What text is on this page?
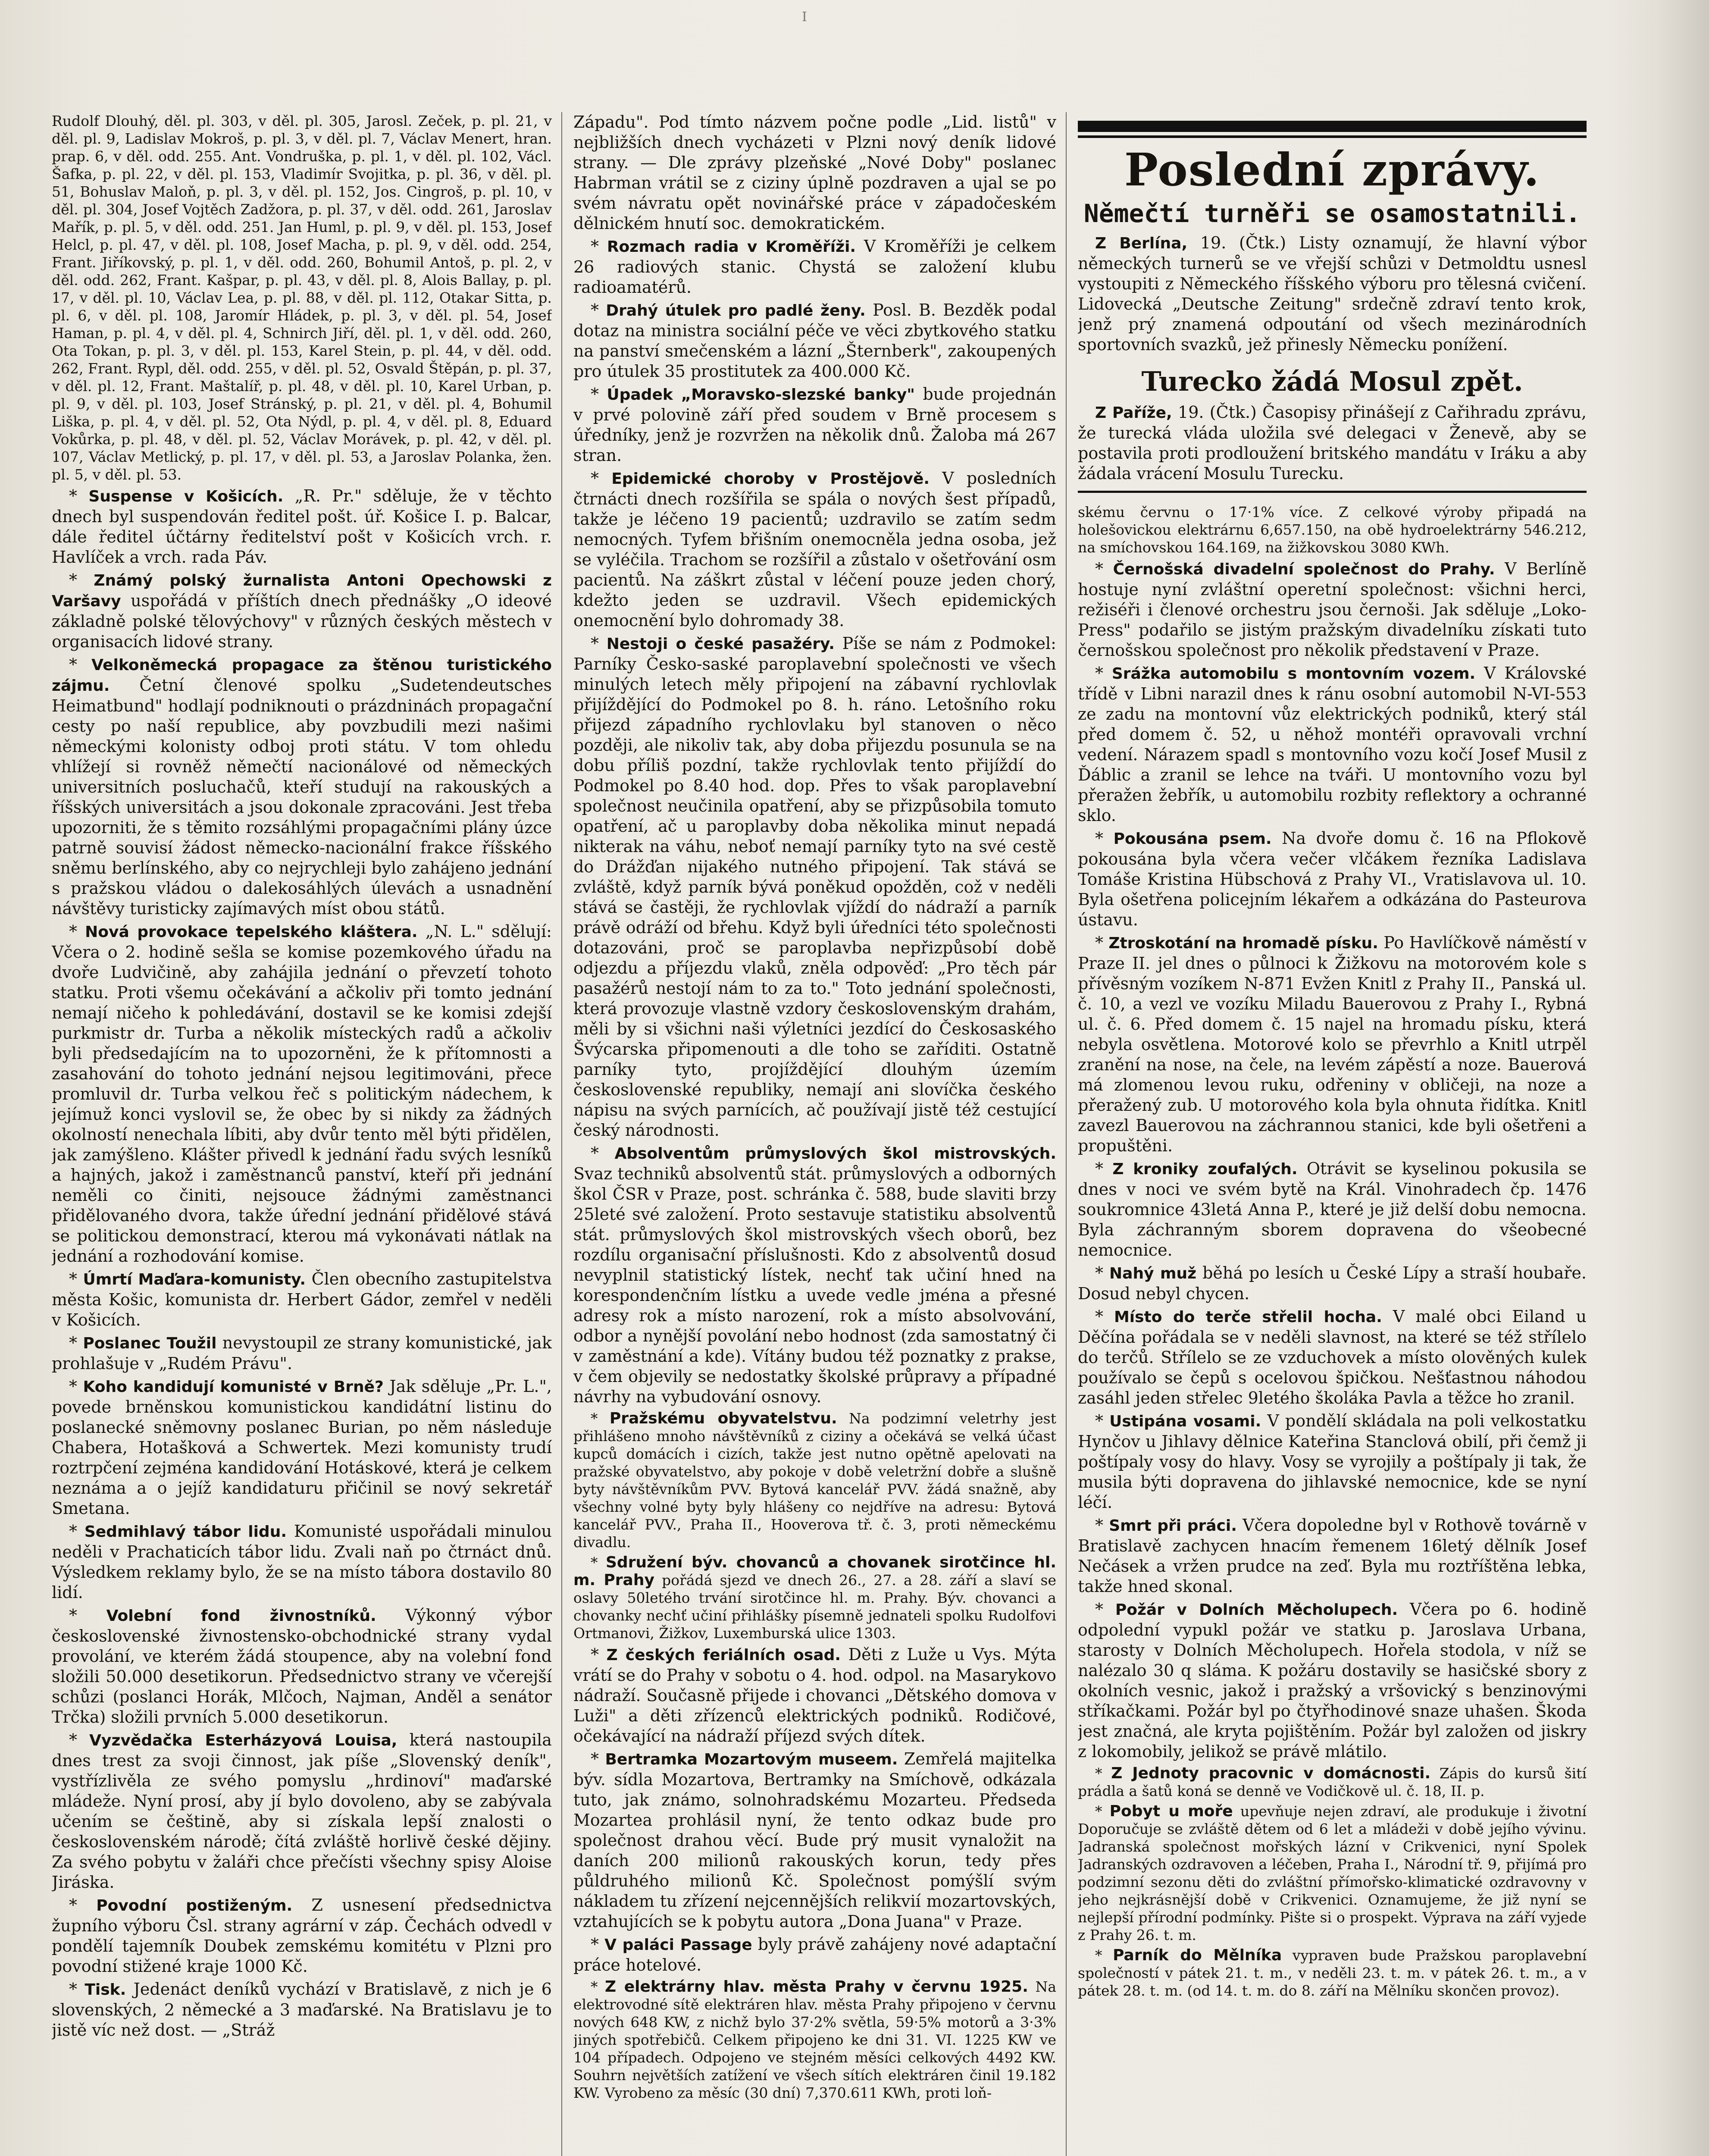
Ⅰ

Rudolf Dlouhý, děl. pl. 303, v děl. pl. 305, Jarosl. Zeček, p. pl. 21, v děl. pl. 9, Ladislav Mokroš, p. pl. 3, v děl. pl. 7, Václav Menert, hran. prap. 6, v děl. odd. 255. Ant. Vondruška, p. pl. 1, v děl. pl. 102, Václ. Šafka, p. pl. 22, v děl. pl. 153, Vladimír Svojitka, p. pl. 36, v děl. pl. 51, Bohuslav Maloň, p. pl. 3, v děl. pl. 152, Jos. Cingroš, p. pl. 10, v děl. pl. 304, Josef Vojtěch Zadžora, p. pl. 37, v děl. odd. 261, Jaroslav Mařík, p. pl. 5, v děl. odd. 251. Jan Huml, p. pl. 9, v děl. pl. 153, Josef Helcl, p. pl. 47, v děl. pl. 108, Josef Macha, p. pl. 9, v děl. odd. 254, Frant. Jiříkovský, p. pl. 1, v děl. odd. 260, Bohumil Antoš, p. pl. 2, v děl. odd. 262, Frant. Kašpar, p. pl. 43, v děl. pl. 8, Alois Ballay, p. pl. 17, v děl. pl. 10, Václav Lea, p. pl. 88, v děl. pl. 112, Otakar Sitta, p. pl. 6, v děl. pl. 108, Jaromír Hládek, p. pl. 3, v děl. pl. 54, Josef Haman, p. pl. 4, v děl. pl. 4, Schnirch Jiří, děl. pl. 1, v děl. odd. 260, Ota Tokan, p. pl. 3, v děl. pl. 153, Karel Stein, p. pl. 44, v děl. odd. 262, Frant. Rypl, děl. odd. 255, v děl. pl. 52, Osvald Štěpán, p. pl. 37, v děl. pl. 12, Frant. Maštalíř, p. pl. 48, v děl. pl. 10, Karel Urban, p. pl. 9, v děl. pl. 103, Josef Stránský, p. pl. 21, v děl. pl. 4, Bohumil Liška, p. pl. 4, v děl. pl. 52, Ota Nýdl, p. pl. 4, v děl. pl. 8, Eduard Vokůrka, p. pl. 48, v děl. pl. 52, Václav Morávek, p. pl. 42, v děl. pl. 107, Václav Metlický, p. pl. 17, v děl. pl. 53, a Jaroslav Polanka, žen. pl. 5, v děl. pl. 53.

* Suspense v Košicích. „R. Pr." sděluje, že v těchto dnech byl suspendován ředitel pošt. úř. Košice I. p. Balcar, dále ředitel účtárny ředitelství pošt v Košicích vrch. r. Havlíček a vrch. rada Páv.

* Známý polský žurnalista Antoni Opechowski z Varšavy uspořádá v příštích dnech přednášky „O ideové základně polské tělovýchovy" v různých českých městech v organisacích lidové strany.

* Velkoněmecká propagace za štěnou turistického zájmu. Četní členové spolku „Sudetendeutsches Heimatbund" hodlají podniknouti o prázdninách propagační cesty po naší republice, aby povzbudili mezi našimi německými kolonisty odboj proti státu. V tom ohledu vhlížejí si rovněž němečtí nacionálové od německých universitních posluchačů, kteří studují na rakouských a říšských universitách a jsou dokonale zpracováni. Jest třeba upozorniti, že s těmito rozsáhlými propagačními plány úzce patrně souvisí žádost německo-nacionální frakce říšského sněmu berlínského, aby co nejrychleji bylo zahájeno jednání s pražskou vládou o dalekosáhlých úlevách a usnadnění návštěvy turisticky zajímavých míst obou států.

* Nová provokace tepelského kláštera. „N. L." sdělují: Včera o 2. hodině sešla se komise pozemkového úřadu na dvoře Ludvičině, aby zahájila jednání o převzetí tohoto statku. Proti všemu očekávání a ačkoliv při tomto jednání nemají ničeho k pohledávání, dostavil se ke komisi zdejší purkmistr dr. Turba a několik místeckých radů a ačkoliv byli předsedajícím na to upozorněni, že k přítomnosti a zasahování do tohoto jednání nejsou legitimováni, přece promluvil dr. Turba velkou řeč s politickým nádechem, k jejímuž konci vyslovil se, že obec by si nikdy za žádných okolností nenechala líbiti, aby dvůr tento měl býti přidělen, jak zamýšleno. Klášter přivedl k jednání řadu svých lesníků a hajných, jakož i zaměstnanců panství, kteří při jednání neměli co činiti, nejsouce žádnými zaměstnanci přidělovaného dvora, takže úřední jednání přidělové stává se politickou demonstrací, kterou má vykonávati nátlak na jednání a rozhodování komise.

* Úmrtí Maďara-komunisty. Člen obecního zastupitelstva města Košic, komunista dr. Herbert Gádor, zemřel v neděli v Košicích.

* Poslanec Toužil nevystoupil ze strany komunistické, jak prohlašuje v „Rudém Právu".

* Koho kandidují komunisté v Brně? Jak sděluje „Pr. L.", povede brněnskou komunistickou kandidátní listinu do poslanecké sněmovny poslanec Burian, po něm následuje Chabera, Hotašková a Schwertek. Mezi komunisty trudí roztrpčení zejména kandidování Hotáskové, která je celkem neznáma a o jejíž kandidaturu přičinil se nový sekretář Smetana.

* Sedmihlavý tábor lidu. Komunisté uspořádali minulou neděli v Prachaticích tábor lidu. Zvali naň po čtrnáct dnů. Výsledkem reklamy bylo, že se na místo tábora dostavilo 80 lidí.

* Volební fond živnostníků. Výkonný výbor československé živnostensko-obchodnické strany vydal provolání, ve kterém žádá stoupence, aby na volební fond složili 50.000 desetikorun. Předsednictvo strany ve včerejší schůzi (poslanci Horák, Mlčoch, Najman, Anděl a senátor Trčka) složili prvních 5.000 desetikorun.

* Vyzvědačka Esterházyová Louisa, která nastoupila dnes trest za svoji činnost, jak píše „Slovenský deník", vystřízlivěla ze svého pomyslu „hrdinoví" maďarské mládeže. Nyní prosí, aby jí bylo dovoleno, aby se zabývala učením se češtině, aby si získala lepší znalosti o československém národě; čítá zvláště horlivě české dějiny. Za svého pobytu v žaláři chce přečísti všechny spisy Aloise Jiráska.

* Povodní postiženým. Z usnesení předsednictva župního výboru Čsl. strany agrární v záp. Čechách odvedl v pondělí tajemník Doubek zemskému komitétu v Plzni pro povodní stižené kraje 1000 Kč.

* Tisk. Jedenáct deníků vychází v Bratislavě, z nich je 6 slovenských, 2 německé a 3 maďarské. Na Bratislavu je to jistě víc než dost. — „Stráž

Západu". Pod tímto názvem počne podle „Lid. listů" v nejbližších dnech vycházeti v Plzni nový deník lidové strany. — Dle zprávy plzeňské „Nové Doby" poslanec Habrman vrátil se z ciziny úplně pozdraven a ujal se po svém návratu opět novinářské práce v západočeském dělnickém hnutí soc. demokratickém.

* Rozmach radia v Kroměříži. V Kroměříži je celkem 26 radiových stanic. Chystá se založení klubu radioamatérů.

* Drahý útulek pro padlé ženy. Posl. B. Bezděk podal dotaz na ministra sociální péče ve věci zbytkového statku na panství smečenském a lázní „Šternberk", zakoupených pro útulek 35 prostitutek za 400.000 Kč.

* Úpadek „Moravsko-slezské banky" bude projednán v prvé polovině září před soudem v Brně procesem s úředníky, jenž je rozvržen na několik dnů. Žaloba má 267 stran.

* Epidemické choroby v Prostějově. V posledních čtrnácti dnech rozšířila se spála o nových šest případů, takže je léčeno 19 pacientů; uzdravilo se zatím sedm nemocných. Tyfem břišním onemocněla jedna osoba, jež se vyléčila. Trachom se rozšířil a zůstalo v ošetřování osm pacientů. Na záškrt zůstal v léčení pouze jeden chorý, kdežto jeden se uzdravil. Všech epidemických onemocnění bylo dohromady 38.

* Nestoji o české pasažéry. Píše se nám z Podmokel: Parníky Česko-saské paroplavební společnosti ve všech minulých letech měly připojení na zábavní rychlovlak přijíždějící do Podmokel po 8. h. ráno. Letošního roku přijezd západního rychlovlaku byl stanoven o něco později, ale nikoliv tak, aby doba přijezdu posunula se na dobu příliš pozdní, takže rychlovlak tento přijíždí do Podmokel po 8.40 hod. dop. Přes to však paroplavební společnost neučinila opatření, aby se přizpůsobila tomuto opatření, ač u paroplavby doba několika minut nepadá nikterak na váhu, neboť nemají parníky tyto na své cestě do Drážďan nijakého nutného připojení. Tak stává se zvláště, když parník bývá poněkud opožděn, což v neděli stává se častěji, že rychlovlak vjíždí do nádraží a parník právě odráží od břehu. Když byli úředníci této společnosti dotazováni, proč se paroplavba nepřizpůsobí době odjezdu a příjezdu vlaků, zněla odpověď: „Pro těch pár pasažérů nestojí nám to za to." Toto jednání společnosti, která provozuje vlastně vzdory československým drahám, měli by si všichni naši výletníci jezdící do Českosaského Švýcarska připomenouti a dle toho se zaříditi. Ostatně parníky tyto, projíždějící dlouhým územím československé republiky, nemají ani slovíčka českého nápisu na svých parnících, ač používají jistě též cestující český národnosti.

* Absolventům průmyslových škol mistrovských. Svaz techniků absolventů stát. průmyslových a odborných škol ČSR v Praze, post. schránka č. 588, bude slaviti brzy 25leté své založení. Proto sestavuje statistiku absolventů stát. průmyslových škol mistrovských všech oborů, bez rozdílu organisační příslušnosti. Kdo z absolventů dosud nevyplnil statistický lístek, nechť tak učiní hned na korespondenčním lístku a uvede vedle jména a přesné adresy rok a místo narození, rok a místo absolvování, odbor a nynější povolání nebo hodnost (zda samostatný či v zaměstnání a kde). Vítány budou též poznatky z prakse, v čem objevily se nedostatky školské průpravy a případné návrhy na vybudování osnovy.

* Pražskému obyvatelstvu. Na podzimní veletrhy jest přihlášeno mnoho návštěvníků z ciziny a očekává se velká účast kupců domácích i cizích, takže jest nutno opětně apelovati na pražské obyvatelstvo, aby pokoje v době veletržní dobře a slušně byty návštěvníkům PVV. Bytová kancelář PVV. žádá snažně, aby všechny volné byty byly hlášeny co nejdříve na adresu: Bytová kancelář PVV., Praha II., Hooverova tř. č. 3, proti německému divadlu.

* Sdružení býv. chovanců a chovanek sirotčince hl. m. Prahy pořádá sjezd ve dnech 26., 27. a 28. září a slaví se oslavy 50letého trvání sirotčince hl. m. Prahy. Býv. chovanci a chovanky nechť učiní přihlášky písemně jednateli spolku Rudolfovi Ortmanovi, Žižkov, Luxemburská ulice 1303.

* Z českých feriálních osad. Děti z Luže u Vys. Mýta vrátí se do Prahy v sobotu o 4. hod. odpol. na Masarykovo nádraží. Současně přijede i chovanci „Dětského domova v Luži" a děti zřízenců elektrických podniků. Rodičové, očekávající na nádraží příjezd svých dítek.

* Bertramka Mozartovým museem. Zemřelá majitelka býv. sídla Mozartova, Bertramky na Smíchově, odkázala tuto, jak známo, solnohradskému Mozarteu. Předseda Mozartea prohlásil nyní, že tento odkaz bude pro společnost drahou věcí. Bude prý musit vynaložit na daních 200 milionů rakouských korun, tedy přes půldruhého milionů Kč. Společnost pomýšlí svým nákladem tu zřízení nejcennějších relikvií mozartovských, vztahujících se k pobytu autora „Dona Juana" v Praze.

* V paláci Passage byly právě zahájeny nové adaptační práce hotelové.

* Z elektrárny hlav. města Prahy v červnu 1925. Na elektrovodné sítě elektráren hlav. města Prahy připojeno v červnu nových 648 KW, z nichž bylo 37·2% světla, 59·5% motorů a 3·3% jiných spotřebičů. Celkem připojeno ke dni 31. VI. 1225 KW ve 104 případech. Odpojeno ve stejném měsíci celkových 4492 KW. Souhrn největších zatížení ve všech sítích elektráren činil 19.182 KW. Vyrobeno za měsíc (30 dní) 7,370.611 KWh, proti loň-

Poslední zprávy.
Němečtí turněři se osamostatnili.

Z Berlína, 19. (Čtk.) Listy oznamují, že hlavní výbor německých turnerů se ve vřejší schůzi v Detmoldtu usnesl vystoupiti z Německého říšského výboru pro tělesná cvičení. Lidovecká „Deutsche Zeitung" srdečně zdraví tento krok, jenž prý znamená odpoutání od všech mezinárodních sportovních svazků, jež přinesly Německu ponížení.

Turecko žádá Mosul zpět.

Z Paříže, 19. (Čtk.) Časopisy přinášejí z Cařihradu zprávu, že turecká vláda uložila své delegaci v Ženevě, aby se postavila proti prodloužení britského mandátu v Iráku a aby žádala vrácení Mosulu Turecku.

skému červnu o 17·1% více. Z celkové výroby připadá na holešovickou elektrárnu 6,657.150, na obě hydroelektrárny 546.212, na smíchovskou 164.169, na žižkovskou 3080 KWh.

* Černošská divadelní společnost do Prahy. V Berlíně hostuje nyní zvláštní operetní společnost: všichni herci, režiséři i členové orchestru jsou černoši. Jak sděluje „Loko-Press" podařilo se jistým pražským divadelníku získati tuto černošskou společnost pro několik představení v Praze.

* Srážka automobilu s montovním vozem. V Královské třídě v Libni narazil dnes k ránu osobní automobil N-VI-553 ze zadu na montovní vůz elektrických podniků, který stál před domem č. 52, u něhož montéři opravovali vrchní vedení. Nárazem spadl s montovního vozu kočí Josef Musil z Ďáblic a zranil se lehce na tváři. U montovního vozu byl přeražen žebřík, u automobilu rozbity reflektory a ochranné sklo.

* Pokousána psem. Na dvoře domu č. 16 na Pflokově pokousána byla včera večer vlčákem řezníka Ladislava Tomáše Kristina Hübschová z Prahy VI., Vratislavova ul. 10. Byla ošetřena policejním lékařem a odkázána do Pasteurova ústavu.

* Ztroskotání na hromadě písku. Po Havlíčkově náměstí v Praze II. jel dnes o půlnoci k Žižkovu na motorovém kole s přívěsným vozíkem N-871 Evžen Knitl z Prahy II., Panská ul. č. 10, a vezl ve vozíku Miladu Bauerovou z Prahy I., Rybná ul. č. 6. Před domem č. 15 najel na hromadu písku, která nebyla osvětlena. Motorové kolo se převrhlo a Knitl utrpěl zranění na nose, na čele, na levém zápěstí a noze. Bauerová má zlomenou levou ruku, odřeniny v obličeji, na noze a přeražený zub. U motorového kola byla ohnuta řidítka. Knitl zavezl Bauerovou na záchrannou stanici, kde byli ošetřeni a propuštěni.

* Z kroniky zoufalých. Otrávit se kyselinou pokusila se dnes v noci ve svém bytě na Král. Vinohradech čp. 1476 soukromnice 43letá Anna P., které je již delší dobu nemocna. Byla záchranným sborem dopravena do všeobecné nemocnice.

* Nahý muž běhá po lesích u České Lípy a straší houbaře. Dosud nebyl chycen.

* Místo do terče střelil hocha. V malé obci Eiland u Děčína pořádala se v neděli slavnost, na které se též střílelo do terčů. Střílelo se ze vzduchovek a místo olověných kulek používalo se čepů s ocelovou špičkou. Nešťastnou náhodou zasáhl jeden střelec 9letého školáka Pavla a těžce ho zranil.

* Ustipána vosami. V pondělí skládala na poli velkostatku Hynčov u Jihlavy dělnice Kateřina Stanclová obilí, při čemž ji poštípaly vosy do hlavy. Vosy se vyrojily a poštípaly ji tak, že musila býti dopravena do jihlavské nemocnice, kde se nyní léčí.

* Smrt při práci. Včera dopoledne byl v Rothově továrně v Bratislavě zachycen hnacím řemenem 16letý dělník Josef Nečásek a vržen prudce na zeď. Byla mu roztříštěna lebka, takže hned skonal.

* Požár v Dolních Měcholupech. Včera po 6. hodině odpolední vypukl požár ve statku p. Jaroslava Urbana, starosty v Dolních Měcholupech. Hořela stodola, v níž se nalézalo 30 q sláma. K požáru dostavily se hasičské sbory z okolních vesnic, jakož i pražský a vršovický s benzinovými stříkačkami. Požár byl po čtyřhodinové snaze uhašen. Škoda jest značná, ale kryta pojištěním. Požár byl založen od jiskry z lokomobily, jelikož se právě mlátilo.

* Z Jednoty pracovnic v domácnosti. Zápis do kursů šití prádla a šatů koná se denně ve Vodičkově ul. č. 18, II. p.

* Pobyt u moře upevňuje nejen zdraví, ale produkuje i životní Doporučuje se zvláště dětem od 6 let a mládeži v době jejího vývinu. Jadranská společnost mořských lázní v Crikvenici, nyní Spolek Jadranských ozdravoven a léčeben, Praha I., Národní tř. 9, přijímá pro podzimní sezonu děti do zvláštní přímořsko-klimatické ozdravovny v jeho nejkrásnější době v Crikvenici. Oznamujeme, že již nyní se nejlepší přírodní podmínky. Pište si o prospekt. Výprava na září vyjede z Prahy 26. t. m.

* Parník do Mělníka vypraven bude Pražskou paroplavební společností v pátek 21. t. m., v neděli 23. t. m. v pátek 26. t. m., a v pátek 28. t. m. (od 14. t. m. do 8. září na Mělníku skončen provoz).
